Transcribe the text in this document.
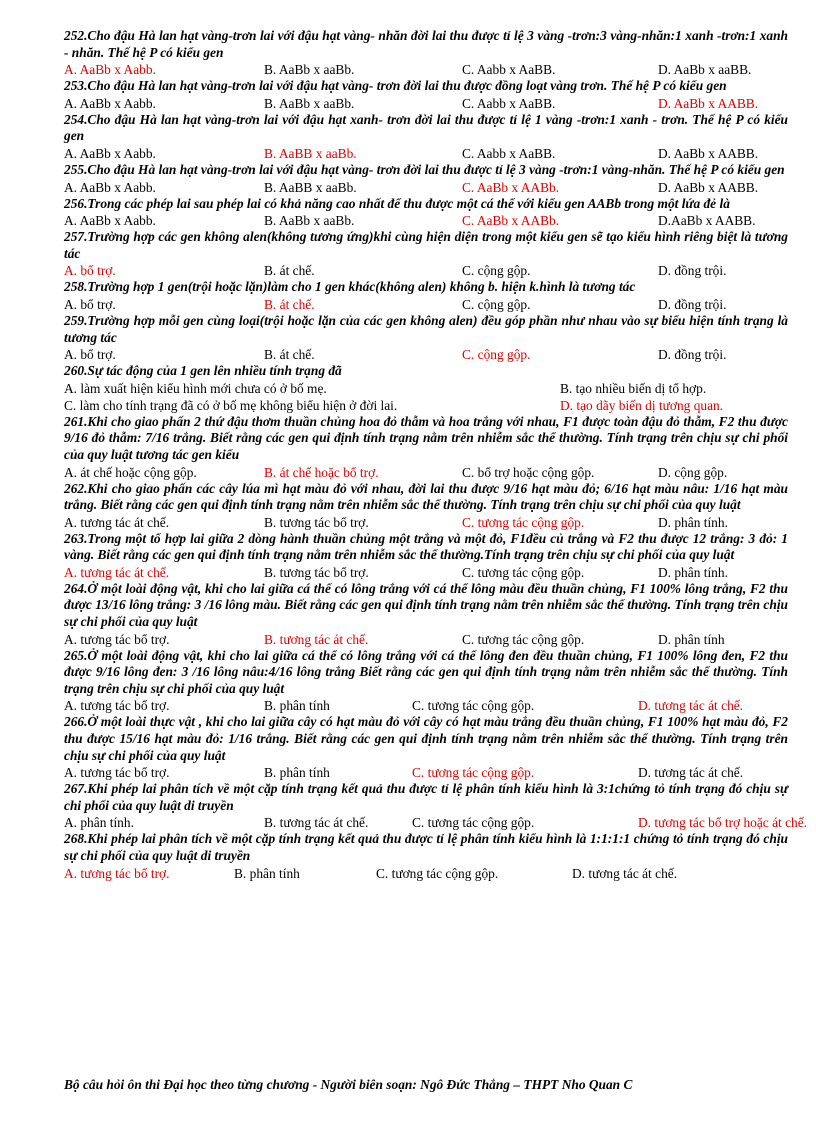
252.Cho đậu Hà lan hạt vàng-trơn lai với đậu hạt vàng- nhăn đời lai thu được tỉ lệ 3 vàng -trơn:3 vàng-nhăn:1 xanh -trơn:1 xanh - nhăn. Thế hệ P có kiểu gen

A. AaBb x Aabb.	B. AaBb x aaBb.	C. Aabb x AaBB.	D. AaBb x aaBB.

253.Cho đậu Hà lan hạt vàng-trơn lai với đậu hạt vàng- trơn đời lai thu được đồng loạt vàng trơn. Thế hệ P có kiểu gen

A. AaBb x Aabb.	B. AaBb x aaBb.	C. Aabb x AaBB.	D. AaBb x AABB.

254.Cho đậu Hà lan hạt vàng-trơn lai với đậu hạt xanh- trơn đời lai thu được tỉ lệ 1 vàng -trơn:1 xanh - trơn. Thế hệ P có kiểu gen

A. AaBb x Aabb.	B. AaBB x aaBb.	C. Aabb x AaBB.	D. AaBb x AABB.

255.Cho đậu Hà lan hạt vàng-trơn lai với đậu hạt vàng- trơn đời lai thu được tỉ lệ 3 vàng -trơn:1 vàng-nhăn. Thế hệ P có kiểu gen

A. AaBb x Aabb.	B. AaBB x aaBb.	C. AaBb x AABb.	D. AaBb x AABB.

256.Trong các phép lai sau phép lai có khả năng cao nhất để thu được một cá thể với kiểu gen AABb trong một lứa đẻ là

A. AaBb x Aabb.	B. AaBb x aaBb.	C. AaBb x AABb.	D.AaBb x AABB.

257.Trường hợp các gen không alen(không tương ứng)khi cùng hiện diện trong một kiểu gen sẽ tạo kiểu hình riêng biệt là tương tác

A. bổ trợ.	B. át chế.	C. cộng gộp.	D. đồng trội.

258.Trường hợp 1 gen(trội hoặc lặn)làm cho 1 gen khác(không alen) không b. hiện k.hình là tương tác

A. bổ trợ.	B. át chế.	C. cộng gộp.	D. đồng trội.

259.Trường hợp mỗi gen cùng loại(trội hoặc lặn của các gen không alen) đều góp phần như nhau vào sự biểu hiện tính trạng là tương tác

A. bổ trợ.	B. át chế.	C. cộng gộp.	D. đồng trội.

260.Sự tác động của 1 gen lên nhiều tính trạng đã

A. làm xuất hiện kiểu hình mới chưa có ở bố mẹ.	B. tạo nhiều biến dị tổ hợp.
C. làm cho tính trạng đã có ở bố mẹ không biểu hiện ở đời lai.	D. tạo dãy biến dị tương quan.

261.Khi cho giao phấn 2 thứ đậu thơm thuần chủng hoa đỏ thẫm và hoa trắng với nhau, F1 được toàn đậu đỏ thẫm, F2 thu được 9/16 đỏ thẫm: 7/16 trắng. Biết rằng các gen qui định tính trạng nằm trên nhiễm sắc thể thường. Tính trạng trên chịu sự chi phối của quy luật tương tác gen kiểu

A. át chế hoặc cộng gộp.	B. át chế hoặc bổ trợ.	C. bổ trợ hoặc cộng gộp.	D. cộng gộp.

262.Khi cho giao phấn các cây lúa mì hạt màu đỏ với nhau, đời lai thu được 9/16 hạt màu đỏ; 6/16 hạt màu nâu: 1/16 hạt màu trắng. Biết rằng các gen qui định tính trạng nằm trên nhiễm sắc thể thường. Tính trạng trên chịu sự chi phối của quy luật

A. tương tác át chế.	B. tương tác bổ trợ.	C. tương tác cộng gộp.	D. phân tính.

263.Trong một tổ hợp lai giữa 2 dòng hành thuần chủng một trắng và một đỏ, F1đều củ trắng và F2 thu được 12 trắng: 3 đỏ: 1 vàng. Biết rằng các gen qui định tính trạng nằm trên nhiễm sắc thể thường.Tính trạng trên chịu sự chi phối của quy luật

A. tương tác át chế.	B. tương tác bổ trợ.	C. tương tác cộng gộp.	D. phân tính.

264.Ở một loài động vật, khi cho lai giữa cá thể có lông trắng với cá thể lông màu đều thuần chủng, F1 100% lông trắng, F2 thu được 13/16 lông trắng: 3 /16 lông màu. Biết rằng các gen qui định tính trạng nằm trên nhiễm sắc thể thường. Tính trạng trên chịu sự chi phối của quy luật

A. tương tác bổ trợ.	B. tương tác át chế.	C. tương tác cộng gộp.	D. phân tính

265.Ở một loài động vật, khi cho lai giữa cá thể có lông trắng với cá thể lông đen đều thuần chủng, F1 100% lông đen, F2 thu được 9/16 lông đen: 3 /16 lông nâu:4/16 lông trắng Biết rằng các gen qui định tính trạng nằm trên nhiễm sắc thể thường. Tính trạng trên chịu sự chi phối của quy luật

A. tương tác bổ trợ.	B. phân tính	C. tương tác cộng gộp.	D. tương tác át chế.

266.Ở một loài thực vật , khi cho lai giữa cây có hạt màu đỏ với cây có hạt màu trắng đều thuần chủng, F1 100% hạt màu đỏ, F2 thu được 15/16 hạt màu đỏ: 1/16 trắng. Biết rằng các gen qui định tính trạng nằm trên nhiễm sắc thể thường. Tính trạng trên chịu sự chi phối của quy luật

A. tương tác bổ trợ.	B. phân tính	C. tương tác cộng gộp.	D. tương tác át chế.

267.Khi phép lai phân tích về một cặp tính trạng kết quả thu được tỉ lệ phân tính kiểu hình là 3:1chứng tỏ tính trạng đó chịu sự chi phối của quy luật di truyền

A. phân tính.	B. tương tác át chế.	C. tương tác cộng gộp.	D. tương tác bổ trợ hoặc át chế.

268.Khi phép lai phân tích về một cặp tính trạng kết quả thu được tỉ lệ phân tính kiểu hình là 1:1:1:1 chứng tỏ tính trạng đó chịu sự chi phối của quy luật di truyền

A. tương tác bổ trợ.	B. phân tính	C. tương tác cộng gộp.	D. tương tác át chế.
Bộ câu hỏi ôn thi Đại học theo từng chương - Người biên soạn: Ngô Đức Thắng – THPT Nho Quan C
